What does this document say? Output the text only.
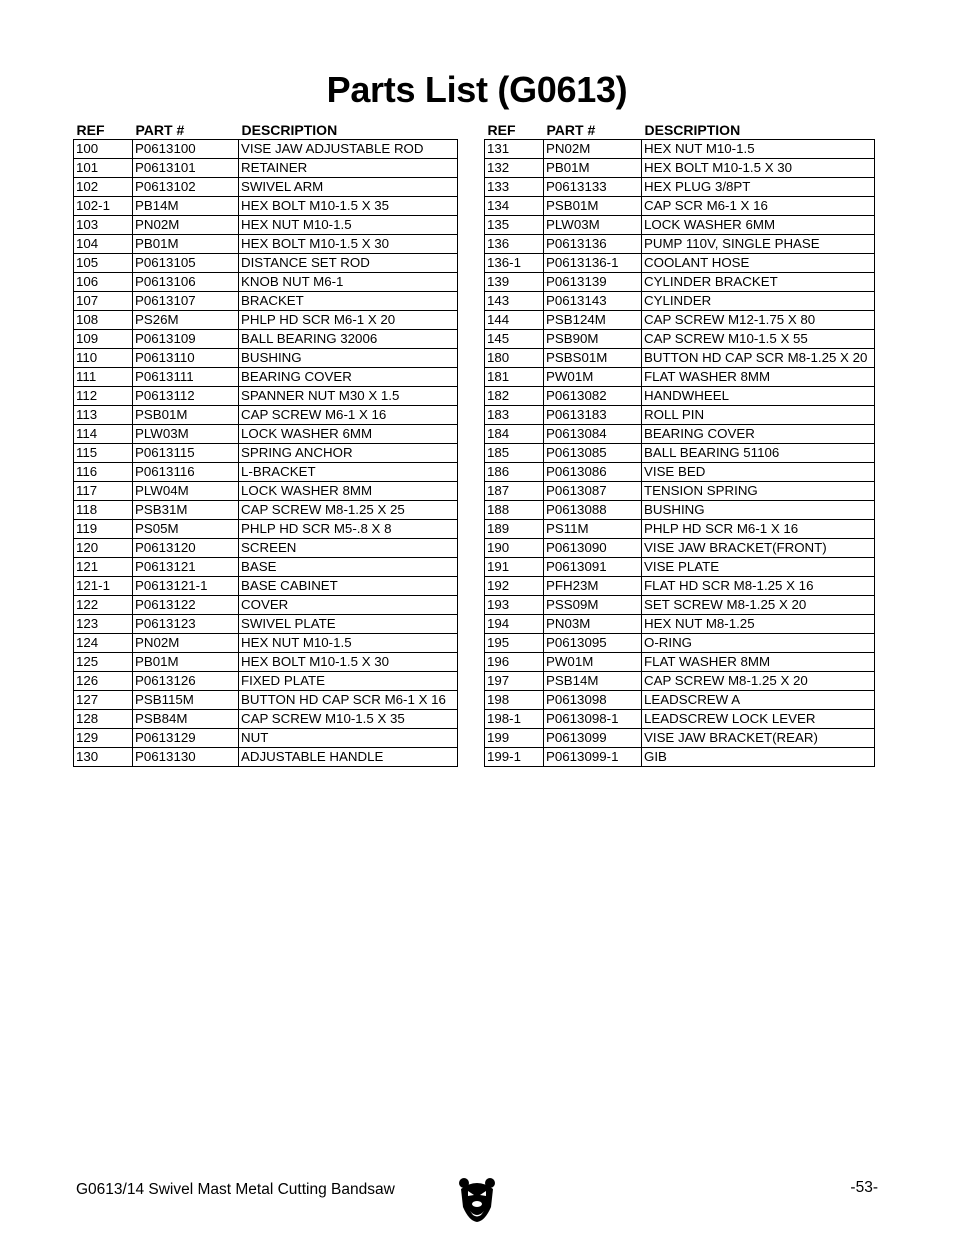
Parts List (G0613)
REF	PART #	DESCRIPTION
100	P0613100	VISE JAW ADJUSTABLE ROD
101	P0613101	RETAINER
102	P0613102	SWIVEL ARM
102-1	PB14M	HEX BOLT M10-1.5 X 35
103	PN02M	HEX NUT M10-1.5
104	PB01M	HEX BOLT M10-1.5 X 30
105	P0613105	DISTANCE SET ROD
106	P0613106	KNOB NUT M6-1
107	P0613107	BRACKET
108	PS26M	PHLP HD SCR M6-1 X 20
109	P0613109	BALL BEARING 32006
110	P0613110	BUSHING
111	P0613111	BEARING COVER
112	P0613112	SPANNER NUT M30 X 1.5
113	PSB01M	CAP SCREW M6-1 X 16
114	PLW03M	LOCK WASHER 6MM
115	P0613115	SPRING ANCHOR
116	P0613116	L-BRACKET
117	PLW04M	LOCK WASHER 8MM
118	PSB31M	CAP SCREW M8-1.25 X 25
119	PS05M	PHLP HD SCR M5-.8 X 8
120	P0613120	SCREEN
121	P0613121	BASE
121-1	P0613121-1	BASE CABINET
122	P0613122	COVER
123	P0613123	SWIVEL PLATE
124	PN02M	HEX NUT M10-1.5
125	PB01M	HEX BOLT M10-1.5 X 30
126	P0613126	FIXED PLATE
127	PSB115M	BUTTON HD CAP SCR M6-1 X 16
128	PSB84M	CAP SCREW M10-1.5 X 35
129	P0613129	NUT
130	P0613130	ADJUSTABLE HANDLE
REF	PART #	DESCRIPTION
131	PN02M	HEX NUT M10-1.5
132	PB01M	HEX BOLT M10-1.5 X 30
133	P0613133	HEX PLUG 3/8PT
134	PSB01M	CAP SCR M6-1 X 16
135	PLW03M	LOCK WASHER 6MM
136	P0613136	PUMP 110V, SINGLE PHASE
136-1	P0613136-1	COOLANT HOSE
139	P0613139	CYLINDER BRACKET
143	P0613143	CYLINDER
144	PSB124M	CAP SCREW M12-1.75 X 80
145	PSB90M	CAP SCREW M10-1.5 X 55
180	PSBS01M	BUTTON HD CAP SCR M8-1.25 X 20
181	PW01M	FLAT WASHER 8MM
182	P0613082	HANDWHEEL
183	P0613183	ROLL PIN
184	P0613084	BEARING COVER
185	P0613085	BALL BEARING 51106
186	P0613086	VISE BED
187	P0613087	TENSION SPRING
188	P0613088	BUSHING
189	PS11M	PHLP HD SCR M6-1 X 16
190	P0613090	VISE JAW BRACKET(FRONT)
191	P0613091	VISE PLATE
192	PFH23M	FLAT HD SCR M8-1.25 X 16
193	PSS09M	SET SCREW M8-1.25 X 20
194	PN03M	HEX NUT M8-1.25
195	P0613095	O-RING
196	PW01M	FLAT WASHER 8MM
197	PSB14M	CAP SCREW M8-1.25 X 20
198	P0613098	LEADSCREW A
198-1	P0613098-1	LEADSCREW LOCK LEVER
199	P0613099	VISE JAW BRACKET(REAR)
199-1	P0613099-1	GIB
G0613/14 Swivel Mast Metal Cutting Bandsaw	-53-
